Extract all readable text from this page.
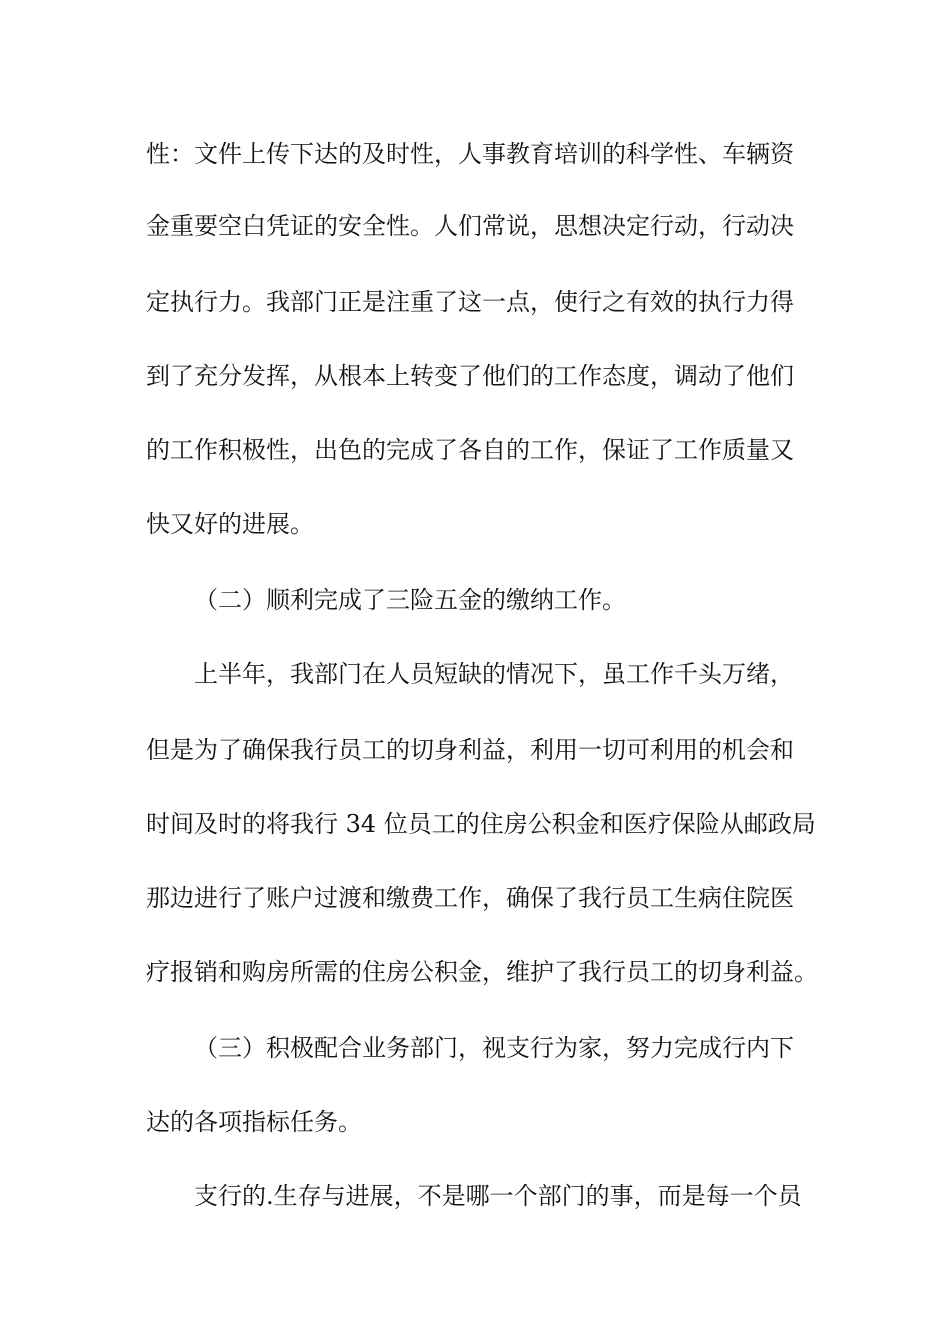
性：文件上传下达的及时性，人事教育培训的科学性、车辆资
金重要空白凭证的安全性。人们常说，思想决定行动，行动决
定执行力。我部门正是注重了这一点，使行之有效的执行力得
到了充分发挥，从根本上转变了他们的工作态度，调动了他们
的工作积极性，出色的完成了各自的工作，保证了工作质量又
快又好的进展。
（二）顺利完成了三险五金的缴纳工作。
上半年，我部门在人员短缺的情况下，虽工作千头万绪，
但是为了确保我行员工的切身利益，利用一切可利用的机会和
时间及时的将我行 34 位员工的住房公积金和医疗保险从邮政局
那边进行了账户过渡和缴费工作，确保了我行员工生病住院医
疗报销和购房所需的住房公积金，维护了我行员工的切身利益。
（三）积极配合业务部门，视支行为家，努力完成行内下
达的各项指标任务。
支行的.生存与进展，不是哪一个部门的事，而是每一个员
